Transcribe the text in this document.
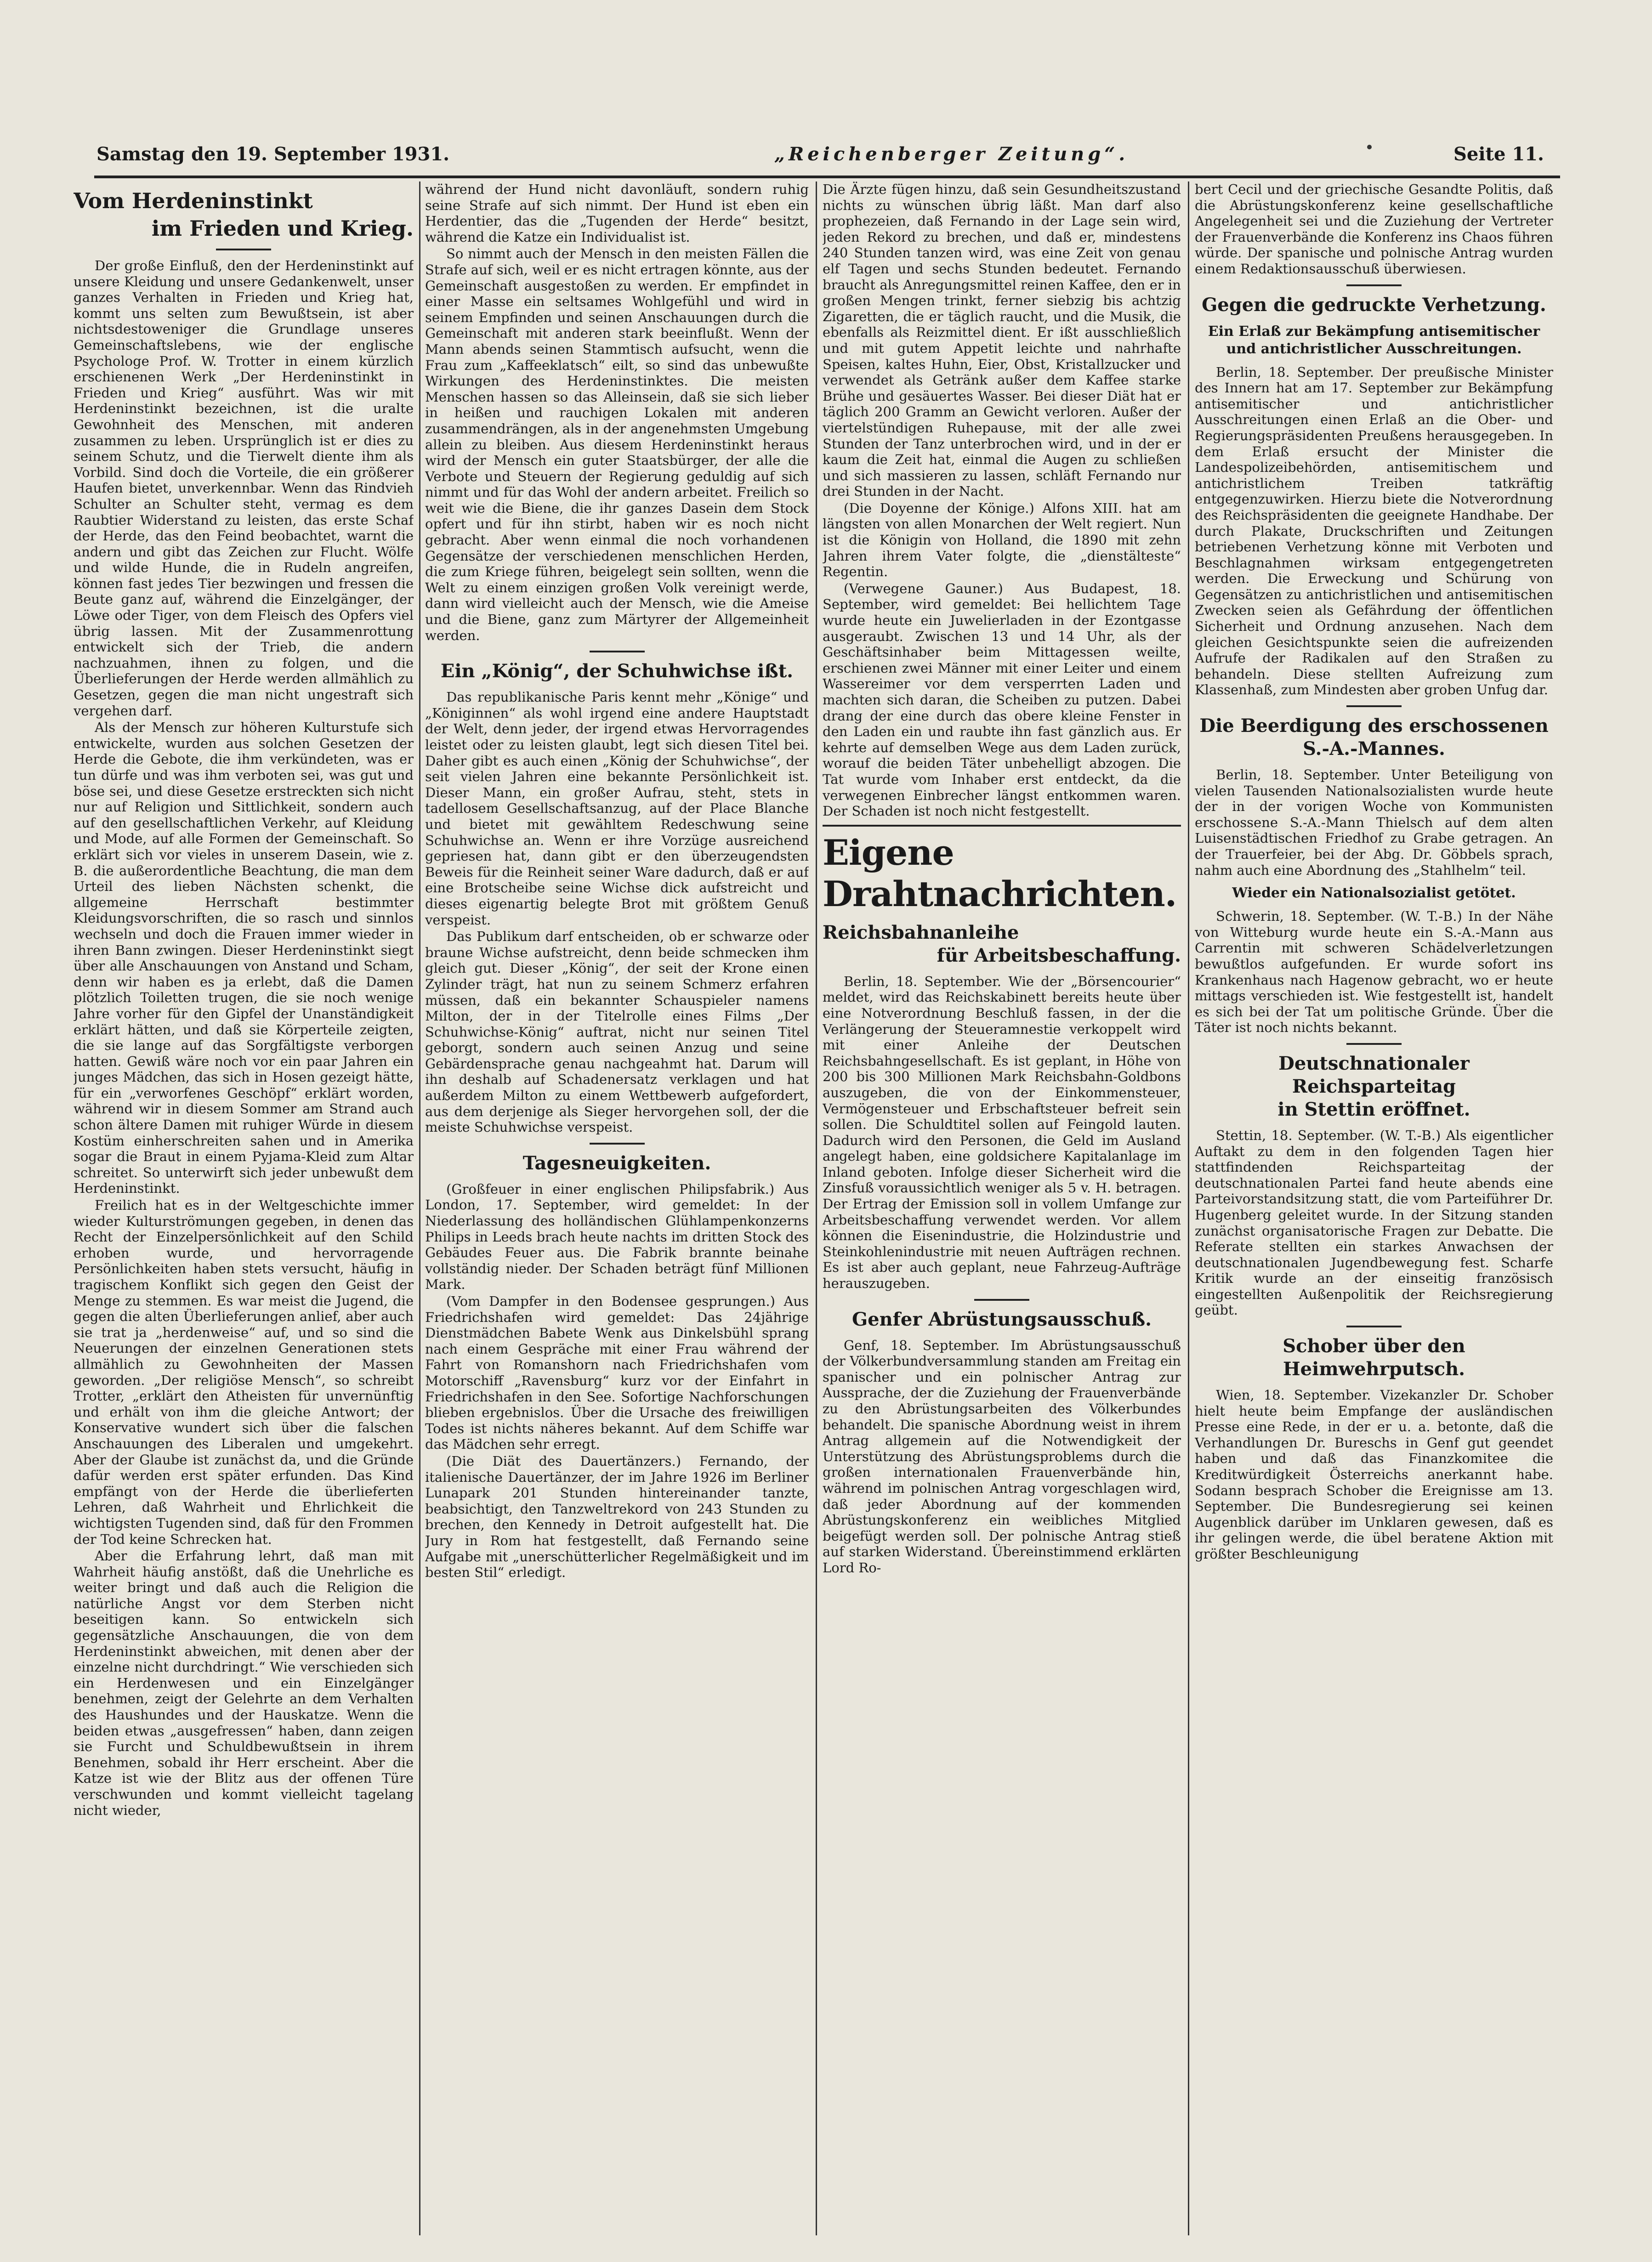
Samstag den 19. September 1931.	„Reichenberger Zeitung“.	Seite 11.
Vom Herdeninstinkt
im Frieden und Krieg.

Der große Einfluß, den der Herdeninstinkt auf unsere Kleidung und unsere Gedankenwelt, unser ganzes Verhalten in Frieden und Krieg hat, kommt uns selten zum Bewußtsein, ist aber nichtsdestoweniger die Grundlage unseres Gemeinschaftslebens, wie der englische Psychologe Prof. W. Trotter in einem kürzlich erschienenen Werk „Der Herdeninstinkt in Frieden und Krieg“ ausführt. Was wir mit Herdeninstinkt bezeichnen, ist die uralte Gewohnheit des Menschen, mit anderen zusammen zu leben. Ursprünglich ist er dies zu seinem Schutz, und die Tierwelt diente ihm als Vorbild. Sind doch die Vorteile, die ein größerer Haufen bietet, unverkennbar. Wenn das Rindvieh Schulter an Schulter steht, vermag es dem Raubtier Widerstand zu leisten, das erste Schaf der Herde, das den Feind beobachtet, warnt die andern und gibt das Zeichen zur Flucht. Wölfe und wilde Hunde, die in Rudeln angreifen, können fast jedes Tier bezwingen und fressen die Beute ganz auf, während die Einzelgänger, der Löwe oder Tiger, von dem Fleisch des Opfers viel übrig lassen. Mit der Zusammenrottung entwickelt sich der Trieb, die andern nachzuahmen, ihnen zu folgen, und die Überlieferungen der Herde werden allmählich zu Gesetzen, gegen die man nicht ungestraft sich vergehen darf.

Als der Mensch zur höheren Kulturstufe sich entwickelte, wurden aus solchen Gesetzen der Herde die Gebote, die ihm verkündeten, was er tun dürfe und was ihm verboten sei, was gut und böse sei, und diese Gesetze erstreckten sich nicht nur auf Religion und Sittlichkeit, sondern auch auf den gesellschaftlichen Verkehr, auf Kleidung und Mode, auf alle Formen der Gemeinschaft. So erklärt sich vor vieles in unserem Dasein, wie z. B. die außerordentliche Beachtung, die man dem Urteil des lieben Nächsten schenkt, die allgemeine Herrschaft bestimmter Kleidungsvorschriften, die so rasch und sinnlos wechseln und doch die Frauen immer wieder in ihren Bann zwingen. Dieser Herdeninstinkt siegt über alle Anschauungen von Anstand und Scham, denn wir haben es ja erlebt, daß die Damen plötzlich Toiletten trugen, die sie noch wenige Jahre vorher für den Gipfel der Unanständigkeit erklärt hätten, und daß sie Körperteile zeigten, die sie lange auf das Sorgfältigste verborgen hatten. Gewiß wäre noch vor ein paar Jahren ein junges Mädchen, das sich in Hosen gezeigt hätte, für ein „verworfenes Geschöpf“ erklärt worden, während wir in diesem Sommer am Strand auch schon ältere Damen mit ruhiger Würde in diesem Kostüm einherschreiten sahen und in Amerika sogar die Braut in einem Pyjama-Kleid zum Altar schreitet. So unterwirft sich jeder unbewußt dem Herdeninstinkt.

Freilich hat es in der Weltgeschichte immer wieder Kulturströmungen gegeben, in denen das Recht der Einzelpersönlichkeit auf den Schild erhoben wurde, und hervorragende Persönlichkeiten haben stets versucht, häufig in tragischem Konflikt sich gegen den Geist der Menge zu stemmen. Es war meist die Jugend, die gegen die alten Überlieferungen anlief, aber auch sie trat ja „herdenweise“ auf, und so sind die Neuerungen der einzelnen Generationen stets allmählich zu Gewohnheiten der Massen geworden. „Der religiöse Mensch“, so schreibt Trotter, „erklärt den Atheisten für unvernünftig und erhält von ihm die gleiche Antwort; der Konservative wundert sich über die falschen Anschauungen des Liberalen und umgekehrt. Aber der Glaube ist zunächst da, und die Gründe dafür werden erst später erfunden. Das Kind empfängt von der Herde die überlieferten Lehren, daß Wahrheit und Ehrlichkeit die wichtigsten Tugenden sind, daß für den Frommen der Tod keine Schrecken hat.

Aber die Erfahrung lehrt, daß man mit Wahrheit häufig anstößt, daß die Unehrliche es weiter bringt und daß auch die Religion die natürliche Angst vor dem Sterben nicht beseitigen kann. So entwickeln sich gegensätzliche Anschauungen, die von dem Herdeninstinkt abweichen, mit denen aber der einzelne nicht durchdringt.“ Wie verschieden sich ein Herdenwesen und ein Einzelgänger benehmen, zeigt der Gelehrte an dem Verhalten des Haushundes und der Hauskatze. Wenn die beiden etwas „ausgefressen“ haben, dann zeigen sie Furcht und Schuldbewußtsein in ihrem Benehmen, sobald ihr Herr erscheint. Aber die Katze ist wie der Blitz aus der offenen Türe verschwunden und kommt vielleicht tagelang nicht wieder,

während der Hund nicht davonläuft, sondern ruhig seine Strafe auf sich nimmt. Der Hund ist eben ein Herdentier, das die „Tugenden der Herde“ besitzt, während die Katze ein Individualist ist.

So nimmt auch der Mensch in den meisten Fällen die Strafe auf sich, weil er es nicht ertragen könnte, aus der Gemeinschaft ausgestoßen zu werden. Er empfindet in einer Masse ein seltsames Wohlgefühl und wird in seinem Empfinden und seinen Anschauungen durch die Gemeinschaft mit anderen stark beeinflußt. Wenn der Mann abends seinen Stammtisch aufsucht, wenn die Frau zum „Kaffeeklatsch“ eilt, so sind das unbewußte Wirkungen des Herdeninstinktes. Die meisten Menschen hassen so das Alleinsein, daß sie sich lieber in heißen und rauchigen Lokalen mit anderen zusammendrängen, als in der angenehmsten Umgebung allein zu bleiben. Aus diesem Herdeninstinkt heraus wird der Mensch ein guter Staatsbürger, der alle die Verbote und Steuern der Regierung geduldig auf sich nimmt und für das Wohl der andern arbeitet. Freilich so weit wie die Biene, die ihr ganzes Dasein dem Stock opfert und für ihn stirbt, haben wir es noch nicht gebracht. Aber wenn einmal die noch vorhandenen Gegensätze der verschiedenen menschlichen Herden, die zum Kriege führen, beigelegt sein sollten, wenn die Welt zu einem einzigen großen Volk vereinigt werde, dann wird vielleicht auch der Mensch, wie die Ameise und die Biene, ganz zum Märtyrer der Allgemeinheit werden.

Ein „König“, der Schuhwichse ißt.

Das republikanische Paris kennt mehr „Könige“ und „Königinnen“ als wohl irgend eine andere Hauptstadt der Welt, denn jeder, der irgend etwas Hervorragendes leistet oder zu leisten glaubt, legt sich diesen Titel bei. Daher gibt es auch einen „König der Schuhwichse“, der seit vielen Jahren eine bekannte Persönlichkeit ist. Dieser Mann, ein großer Aufrau, steht, stets in tadellosem Gesellschaftsanzug, auf der Place Blanche und bietet mit gewähltem Redeschwung seine Schuhwichse an. Wenn er ihre Vorzüge ausreichend gepriesen hat, dann gibt er den überzeugendsten Beweis für die Reinheit seiner Ware dadurch, daß er auf eine Brotscheibe seine Wichse dick aufstreicht und dieses eigenartig belegte Brot mit größtem Genuß verspeist.

Das Publikum darf entscheiden, ob er schwarze oder braune Wichse aufstreicht, denn beide schmecken ihm gleich gut. Dieser „König“, der seit der Krone einen Zylinder trägt, hat nun zu seinem Schmerz erfahren müssen, daß ein bekannter Schauspieler namens Milton, der in der Titelrolle eines Films „Der Schuhwichse-König“ auftrat, nicht nur seinen Titel geborgt, sondern auch seinen Anzug und seine Gebärdensprache genau nachgeahmt hat. Darum will ihn deshalb auf Schadenersatz verklagen und hat außerdem Milton zu einem Wettbewerb aufgefordert, aus dem derjenige als Sieger hervorgehen soll, der die meiste Schuhwichse verspeist.

Tagesneuigkeiten.

(Großfeuer in einer englischen Philipsfabrik.) Aus London, 17. September, wird gemeldet: In der Niederlassung des holländischen Glühlampenkonzerns Philips in Leeds brach heute nachts im dritten Stock des Gebäudes Feuer aus. Die Fabrik brannte beinahe vollständig nieder. Der Schaden beträgt fünf Millionen Mark.

(Vom Dampfer in den Bodensee gesprungen.) Aus Friedrichshafen wird gemeldet: Das 24jährige Dienstmädchen Babete Wenk aus Dinkelsbühl sprang nach einem Gespräche mit einer Frau während der Fahrt von Romanshorn nach Friedrichshafen vom Motorschiff „Ravensburg“ kurz vor der Einfahrt in Friedrichshafen in den See. Sofortige Nachforschungen blieben ergebnislos. Über die Ursache des freiwilligen Todes ist nichts näheres bekannt. Auf dem Schiffe war das Mädchen sehr erregt.

(Die Diät des Dauertänzers.) Fernando, der italienische Dauertänzer, der im Jahre 1926 im Berliner Lunapark 201 Stunden hintereinander tanzte, beabsichtigt, den Tanzweltrekord von 243 Stunden zu brechen, den Kennedy in Detroit aufgestellt hat. Die Jury in Rom hat festgestellt, daß Fernando seine Aufgabe mit „unerschütterlicher Regelmäßigkeit und im besten Stil“ erledigt.

Die Ärzte fügen hinzu, daß sein Gesundheitszustand nichts zu wünschen übrig läßt. Man darf also prophezeien, daß Fernando in der Lage sein wird, jeden Rekord zu brechen, und daß er, mindestens 240 Stunden tanzen wird, was eine Zeit von genau elf Tagen und sechs Stunden bedeutet. Fernando braucht als Anregungsmittel reinen Kaffee, den er in großen Mengen trinkt, ferner siebzig bis achtzig Zigaretten, die er täglich raucht, und die Musik, die ebenfalls als Reizmittel dient. Er ißt ausschließlich und mit gutem Appetit leichte und nahrhafte Speisen, kaltes Huhn, Eier, Obst, Kristallzucker und verwendet als Getränk außer dem Kaffee starke Brühe und gesäuertes Wasser. Bei dieser Diät hat er täglich 200 Gramm an Gewicht verloren. Außer der viertelstündigen Ruhepause, mit der alle zwei Stunden der Tanz unterbrochen wird, und in der er kaum die Zeit hat, einmal die Augen zu schließen und sich massieren zu lassen, schläft Fernando nur drei Stunden in der Nacht.

(Die Doyenne der Könige.) Alfons XIII. hat am längsten von allen Monarchen der Welt regiert. Nun ist die Königin von Holland, die 1890 mit zehn Jahren ihrem Vater folgte, die „dienstälteste“ Regentin.

(Verwegene Gauner.) Aus Budapest, 18. September, wird gemeldet: Bei hellichtem Tage wurde heute ein Juwelierladen in der Ezontgasse ausgeraubt. Zwischen 13 und 14 Uhr, als der Geschäftsinhaber beim Mittagessen weilte, erschienen zwei Männer mit einer Leiter und einem Wassereimer vor dem versperrten Laden und machten sich daran, die Scheiben zu putzen. Dabei drang der eine durch das obere kleine Fenster in den Laden ein und raubte ihn fast gänzlich aus. Er kehrte auf demselben Wege aus dem Laden zurück, worauf die beiden Täter unbehelligt abzogen. Die Tat wurde vom Inhaber erst entdeckt, da die verwegenen Einbrecher längst entkommen waren. Der Schaden ist noch nicht festgestellt.

Eigene Drahtnachrichten.
Reichsbahnanleihe
für Arbeitsbeschaffung.

Berlin, 18. September. Wie der „Börsencourier“ meldet, wird das Reichskabinett bereits heute über eine Notverordnung Beschluß fassen, in der die Verlängerung der Steueramnestie verkoppelt wird mit einer Anleihe der Deutschen Reichsbahngesellschaft. Es ist geplant, in Höhe von 200 bis 300 Millionen Mark Reichsbahn-Goldbons auszugeben, die von der Einkommensteuer, Vermögensteuer und Erbschaftsteuer befreit sein sollen. Die Schuldtitel sollen auf Feingold lauten. Dadurch wird den Personen, die Geld im Ausland angelegt haben, eine goldsichere Kapitalanlage im Inland geboten. Infolge dieser Sicherheit wird die Zinsfuß voraussichtlich weniger als 5 v. H. betragen. Der Ertrag der Emission soll in vollem Umfange zur Arbeitsbeschaffung verwendet werden. Vor allem können die Eisenindustrie, die Holzindustrie und Steinkohlenindustrie mit neuen Aufträgen rechnen. Es ist aber auch geplant, neue Fahrzeug-Aufträge herauszugeben.

Genfer Abrüstungsausschuß.

Genf, 18. September. Im Abrüstungsausschuß der Völkerbundversammlung standen am Freitag ein spanischer und ein polnischer Antrag zur Aussprache, der die Zuziehung der Frauenverbände zu den Abrüstungsarbeiten des Völkerbundes behandelt. Die spanische Abordnung weist in ihrem Antrag allgemein auf die Notwendigkeit der Unterstützung des Abrüstungsproblems durch die großen internationalen Frauenverbände hin, während im polnischen Antrag vorgeschlagen wird, daß jeder Abordnung auf der kommenden Abrüstungskonferenz ein weibliches Mitglied beigefügt werden soll. Der polnische Antrag stieß auf starken Widerstand. Übereinstimmend erklärten Lord Ro-

bert Cecil und der griechische Gesandte Politis, daß die Abrüstungskonferenz keine gesellschaftliche Angelegenheit sei und die Zuziehung der Vertreter der Frauenverbände die Konferenz ins Chaos führen würde. Der spanische und polnische Antrag wurden einem Redaktionsausschuß überwiesen.

Gegen die gedruckte Verhetzung.
Ein Erlaß zur Bekämpfung antisemitischer und antichristlicher Ausschreitungen.

Berlin, 18. September. Der preußische Minister des Innern hat am 17. September zur Bekämpfung antisemitischer und antichristlicher Ausschreitungen einen Erlaß an die Ober- und Regierungspräsidenten Preußens herausgegeben. In dem Erlaß ersucht der Minister die Landespolizeibehörden, antisemitischem und antichristlichem Treiben tatkräftig entgegenzuwirken. Hierzu biete die Notverordnung des Reichspräsidenten die geeignete Handhabe. Der durch Plakate, Druckschriften und Zeitungen betriebenen Verhetzung könne mit Verboten und Beschlagnahmen wirksam entgegengetreten werden. Die Erweckung und Schürung von Gegensätzen zu antichristlichen und antisemitischen Zwecken seien als Gefährdung der öffentlichen Sicherheit und Ordnung anzusehen. Nach dem gleichen Gesichtspunkte seien die aufreizenden Aufrufe der Radikalen auf den Straßen zu behandeln. Diese stellten Aufreizung zum Klassenhaß, zum Mindesten aber groben Unfug dar.

Die Beerdigung des erschossenen
S.-A.-Mannes.

Berlin, 18. September. Unter Beteiligung von vielen Tausenden Nationalsozialisten wurde heute der in der vorigen Woche von Kommunisten erschossene S.-A.-Mann Thielsch auf dem alten Luisenstädtischen Friedhof zu Grabe getragen. An der Trauerfeier, bei der Abg. Dr. Göbbels sprach, nahm auch eine Abordnung des „Stahlhelm“ teil.

Wieder ein Nationalsozialist getötet.

Schwerin, 18. September. (W. T.-B.) In der Nähe von Witteburg wurde heute ein S.-A.-Mann aus Carrentin mit schweren Schädelverletzungen bewußtlos aufgefunden. Er wurde sofort ins Krankenhaus nach Hagenow gebracht, wo er heute mittags verschieden ist. Wie festgestellt ist, handelt es sich bei der Tat um politische Gründe. Über die Täter ist noch nichts bekannt.

Deutschnationaler Reichsparteitag
in Stettin eröffnet.

Stettin, 18. September. (W. T.-B.) Als eigentlicher Auftakt zu dem in den folgenden Tagen hier stattfindenden Reichsparteitag der deutschnationalen Partei fand heute abends eine Parteivorstandsitzung statt, die vom Parteiführer Dr. Hugenberg geleitet wurde. In der Sitzung standen zunächst organisatorische Fragen zur Debatte. Die Referate stellten ein starkes Anwachsen der deutschnationalen Jugendbewegung fest. Scharfe Kritik wurde an der einseitig französisch eingestellten Außenpolitik der Reichsregierung geübt.

Schober über den Heimwehrputsch.

Wien, 18. September. Vizekanzler Dr. Schober hielt heute beim Empfange der ausländischen Presse eine Rede, in der er u. a. betonte, daß die Verhandlungen Dr. Bureschs in Genf gut geendet haben und daß das Finanzkomitee die Kreditwürdigkeit Österreichs anerkannt habe. Sodann besprach Schober die Ereignisse am 13. September. Die Bundesregierung sei keinen Augenblick darüber im Unklaren gewesen, daß es ihr gelingen werde, die übel beratene Aktion mit größter Beschleunigung
